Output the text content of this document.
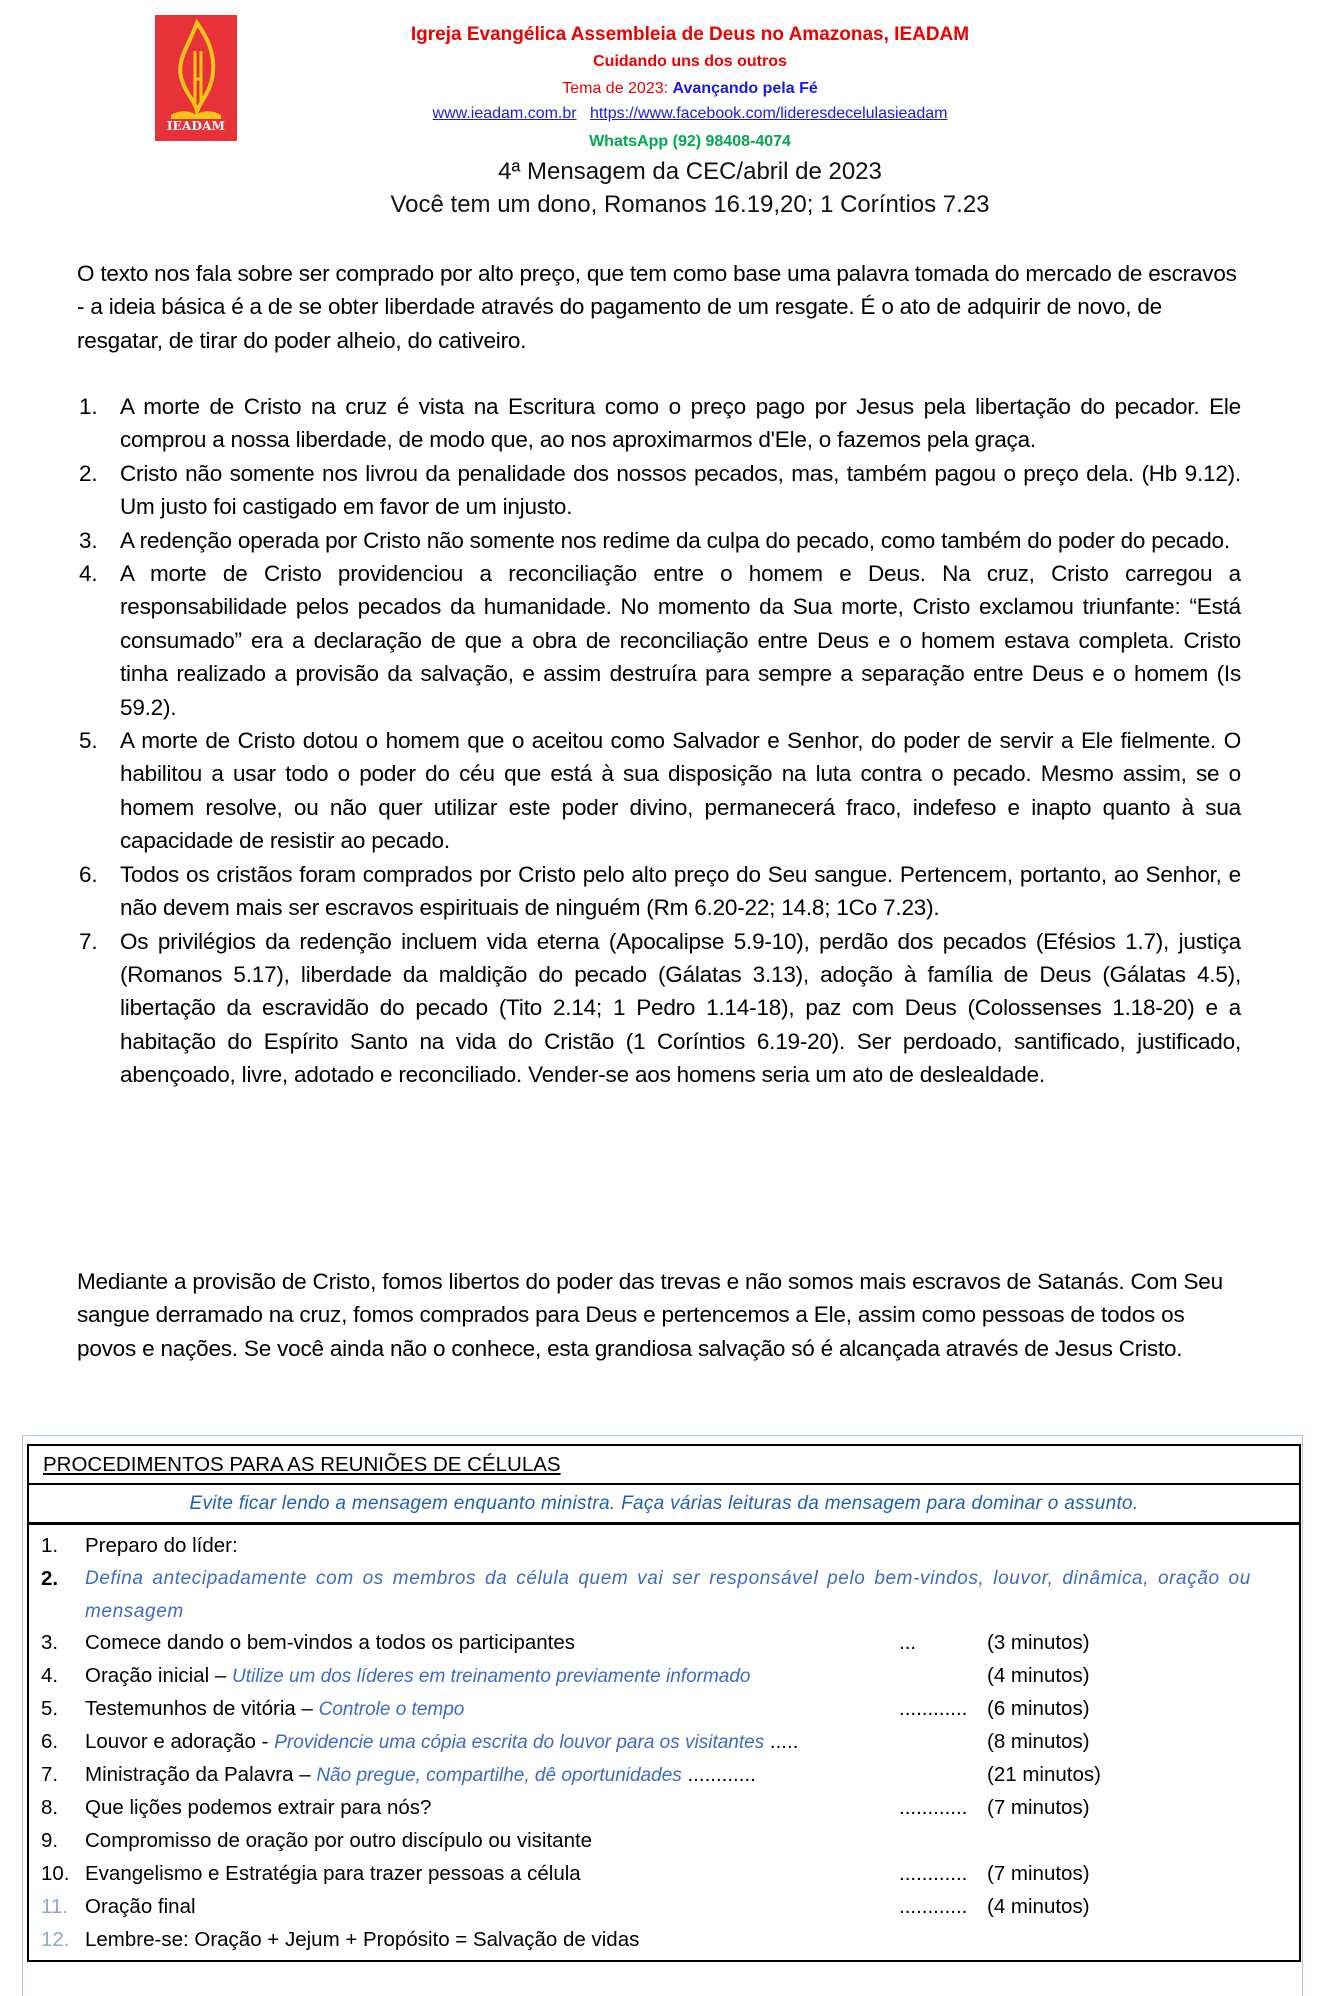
IEADAM
Igreja Evangélica Assembleia de Deus no Amazonas, IEADAM
Cuidando uns dos outros
Tema de 2023: Avançando pela Fé
www.ieadam.com.br https://www.facebook.com/lideresdecelulasieadam
WhatsApp (92) 98408-4074
4ª Mensagem da CEC/abril de 2023
Você tem um dono, Romanos 16.19,20; 1 Coríntios 7.23
O texto nos fala sobre ser comprado por alto preço, que tem como base uma palavra tomada do mercado de escravos - a ideia básica é a de se obter liberdade através do pagamento de um resgate. É o ato de adquirir de novo, de resgatar, de tirar do poder alheio, do cativeiro.
1. A morte de Cristo na cruz é vista na Escritura como o preço pago por Jesus pela libertação do pecador. Ele comprou a nossa liberdade, de modo que, ao nos aproximarmos d'Ele, o fazemos pela graça.
2. Cristo não somente nos livrou da penalidade dos nossos pecados, mas, também pagou o preço dela. (Hb 9.12). Um justo foi castigado em favor de um injusto.
3. A redenção operada por Cristo não somente nos redime da culpa do pecado, como também do poder do pecado.
4. A morte de Cristo providenciou a reconciliação entre o homem e Deus. Na cruz, Cristo carregou a responsabilidade pelos pecados da humanidade. No momento da Sua morte, Cristo exclamou triunfante: “Está consumado” era a declaração de que a obra de reconciliação entre Deus e o homem estava completa. Cristo tinha realizado a provisão da salvação, e assim destruíra para sempre a separação entre Deus e o homem (Is 59.2).
5. A morte de Cristo dotou o homem que o aceitou como Salvador e Senhor, do poder de servir a Ele fielmente. O habilitou a usar todo o poder do céu que está à sua disposição na luta contra o pecado. Mesmo assim, se o homem resolve, ou não quer utilizar este poder divino, permanecerá fraco, indefeso e inapto quanto à sua capacidade de resistir ao pecado.
6. Todos os cristãos foram comprados por Cristo pelo alto preço do Seu sangue. Pertencem, portanto, ao Senhor, e não devem mais ser escravos espirituais de ninguém (Rm 6.20-22; 14.8; 1Co 7.23).
7. Os privilégios da redenção incluem vida eterna (Apocalipse 5.9-10), perdão dos pecados (Efésios 1.7), justiça (Romanos 5.17), liberdade da maldição do pecado (Gálatas 3.13), adoção à família de Deus (Gálatas 4.5), libertação da escravidão do pecado (Tito 2.14; 1 Pedro 1.14-18), paz com Deus (Colossenses 1.18-20) e a habitação do Espírito Santo na vida do Cristão (1 Coríntios 6.19-20). Ser perdoado, santificado, justificado, abençoado, livre, adotado e reconciliado. Vender-se aos homens seria um ato de deslealdade.
Mediante a provisão de Cristo, fomos libertos do poder das trevas e não somos mais escravos de Satanás. Com Seu sangue derramado na cruz, fomos comprados para Deus e pertencemos a Ele, assim como pessoas de todos os povos e nações. Se você ainda não o conhece, esta grandiosa salvação só é alcançada através de Jesus Cristo.
PROCEDIMENTOS PARA AS REUNIÕES DE CÉLULAS
Evite ficar lendo a mensagem enquanto ministra. Faça várias leituras da mensagem para dominar o assunto.
1. Preparo do líder:
2. Defina antecipadamente com os membros da célula quem vai ser responsável pelo bem-vindos, louvor, dinâmica, oração ou mensagem
3. Comece dando o bem-vindos a todos os participantes	...	(3 minutos)
4. Oração inicial – Utilize um dos líderes em treinamento previamente informado	(4 minutos)
5. Testemunhos de vitória – Controle o tempo	............ (6 minutos)
6. Louvor e adoração - Providencie uma cópia escrita do louvor para os visitantes .....	(8 minutos)
7. Ministração da Palavra – Não pregue, compartilhe, dê oportunidades ............	(21 minutos)
8. Que lições podemos extrair para nós?	............ (7 minutos)
9. Compromisso de oração por outro discípulo ou visitante
10. Evangelismo e Estratégia para trazer pessoas a célula	............ (7 minutos)
11. Oração final	............ (4 minutos)
12. Lembre-se: Oração + Jejum + Propósito = Salvação de vidas
